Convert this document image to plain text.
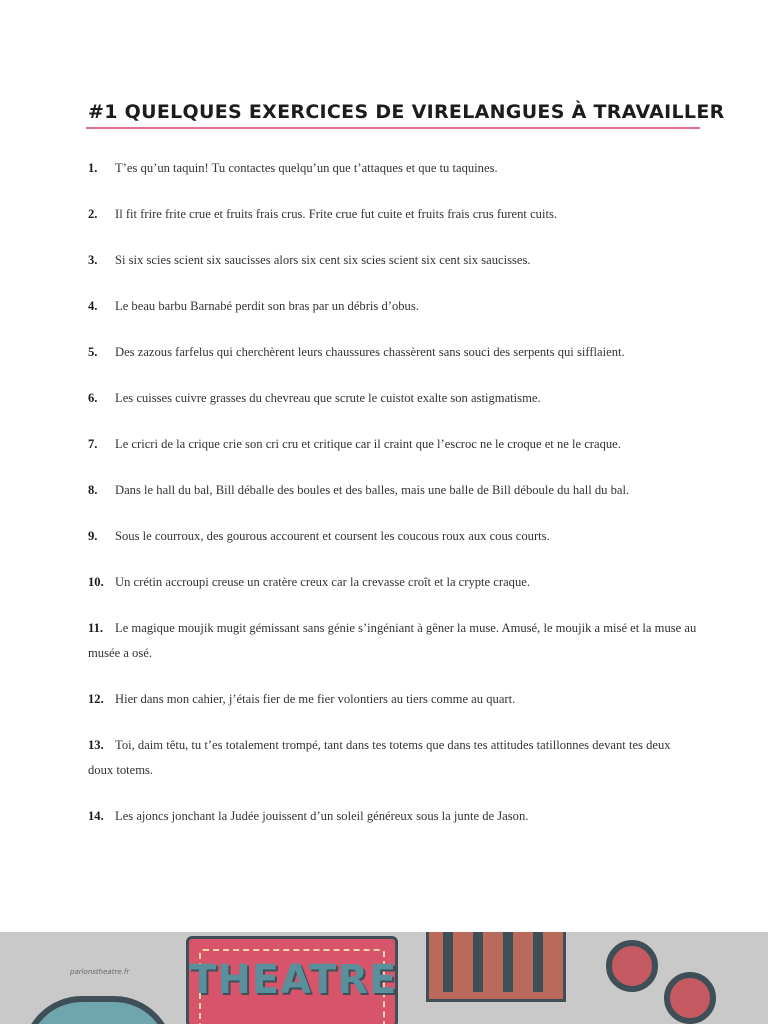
#1 QUELQUES EXERCICES DE VIRELANGUES À TRAVAILLER
1. T’es qu’un taquin! Tu contactes quelqu’un que t’attaques et que tu taquines.
2. Il fit frire frite crue et fruits frais crus. Frite crue fut cuite et fruits frais crus furent cuits.
3. Si six scies scient six saucisses alors six cent six scies scient six cent six saucisses.
4. Le beau barbu Barnabé perdit son bras par un débris d’obus.
5. Des zazous farfelus qui cherchèrent leurs chaussures chassèrent sans souci des serpents qui sifflaient.
6. Les cuisses cuivre grasses du chevreau que scrute le cuistot exalte son astigmatisme.
7. Le cricri de la crique crie son cri cru et critique car il craint que l’escroc ne le croque et ne le craque.
8. Dans le hall du bal, Bill déballe des boules et des balles, mais une balle de Bill déboule du hall du bal.
9. Sous le courroux, des gourous accourent et coursent les coucous roux aux cous courts.
10. Un crétin accroupi creuse un cratère creux car la crevasse croît et la crypte craque.
11. Le magique moujik mugit gémissant sans génie s’ingéniant à gêner la muse. Amusé, le moujik a misé et la muse au musée a osé.
12. Hier dans mon cahier, j’étais fier de me fier volontiers au tiers comme au quart.
13. Toi, daim têtu, tu t’es totalement trompé, tant dans tes totems que dans tes attitudes tatillonnes devant tes deux doux totems.
14. Les ajoncs jonchant la Judée jouissent d’un soleil généreux sous la junte de Jason.
parlonstheatre.fr THEATRE
